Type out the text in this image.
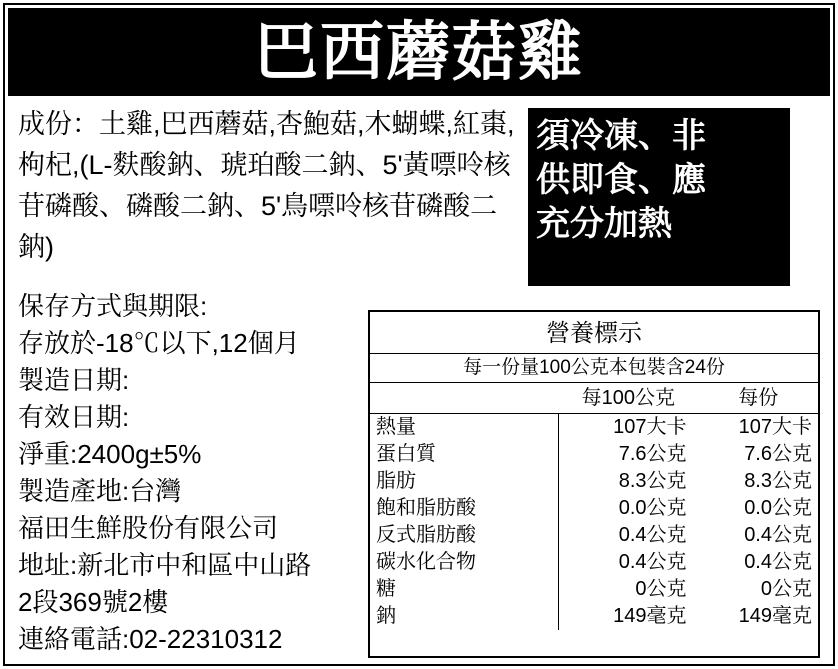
巴西蘑菇雞
成份：土雞,巴西蘑菇,杏鮑菇,木蝴蝶,紅棗,枸杞,(L-麩酸鈉、琥珀酸二鈉、5'黃嘌呤核苷磷酸、磷酸二鈉、5'鳥嘌呤核苷磷酸二鈉)
須冷凍、非
供即食、應
充分加熱
保存方式與期限:
存放於-18℃以下,12個月
製造日期:
有效日期:
淨重:2400g±5%
製造產地:台灣
福田生鮮股份有限公司
地址:新北市中和區中山路
2段369號2樓
連絡電話:02-22310312
營養標示
每一份量100公克本包裝含24份
	每100公克	每份
熱量	107大卡	107大卡
蛋白質	7.6公克	7.6公克
脂肪	8.3公克	8.3公克
飽和脂肪酸	0.0公克	0.0公克
反式脂肪酸	0.4公克	0.4公克
碳水化合物	0.4公克	0.4公克
糖	0公克	0公克
鈉	149毫克	149毫克
